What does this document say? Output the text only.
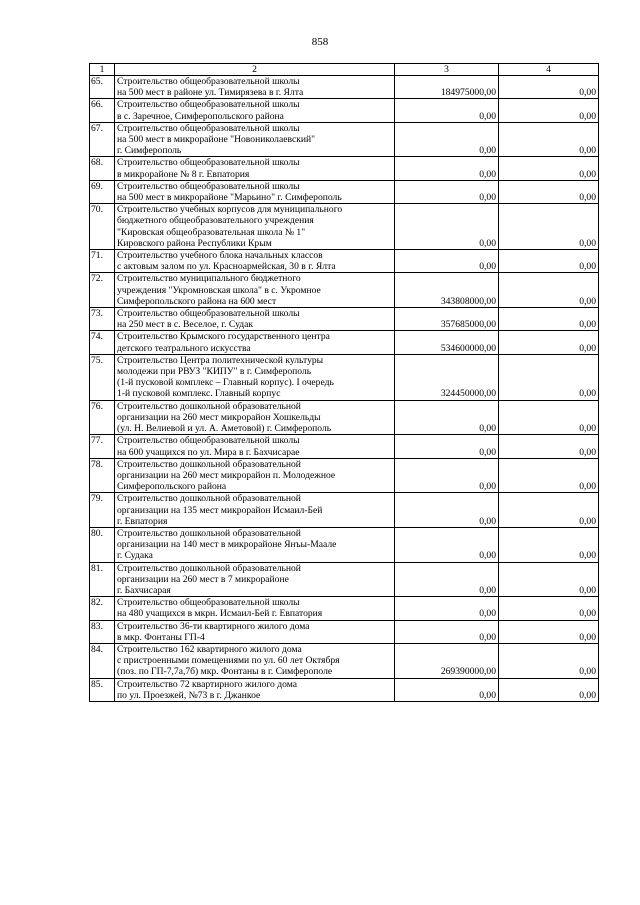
858
1	2	3	4
65.	Строительство общеобразовательной школы
на 500 мест в районе ул. Тимирязева в г. Ялта	184975000,00	0,00
66.	Строительство общеобразовательной школы
в с. Заречное, Симферопольского района	0,00	0,00
67.	Строительство общеобразовательной школы
на 500 мест в микрорайоне "Новониколаевский"
г. Симферополь	0,00	0,00
68.	Строительство общеобразовательной школы
в микрорайоне № 8 г. Евпатория	0,00	0,00
69.	Строительство общеобразовательной школы
на 500 мест в микрорайоне "Марьино" г. Симферополь	0,00	0,00
70.	Строительство учебных корпусов для муниципального
бюджетного общеобразовательного учреждения
"Кировская общеобразовательная школа № 1"
Кировского района Республики Крым	0,00	0,00
71.	Строительство учебного блока начальных классов
с актовым залом по ул. Красноармейская, 30 в г. Ялта	0,00	0,00
72.	Строительство муниципального бюджетного
учреждения "Укромновская школа" в с. Укромное
Симферопольского района на 600 мест	343808000,00	0,00
73.	Строительство общеобразовательной школы
на 250 мест в с. Веселое, г. Судак	357685000,00	0,00
74.	Строительство Крымского государственного центра
детского театрального искусства	534600000,00	0,00
75.	Строительство Центра политехнической культуры
молодежи при РВУЗ "КИПУ" в г. Симферополь
(1-й пусковой комплекс – Главный корпус). I очередь
1-й пусковой комплекс. Главный корпус	324450000,00	0,00
76.	Строительство дошкольной образовательной
организации на 260 мест микрорайон Хошкельды
(ул. Н. Велиевой и ул. А. Аметовой) г. Симферополь	0,00	0,00
77.	Строительство общеобразовательной школы
на 600 учащихся по ул. Мира в г. Бахчисарае	0,00	0,00
78.	Строительство дошкольной образовательной
организации на 260 мест микрорайон п. Молодежное
Симферопольского района	0,00	0,00
79.	Строительство дошкольной образовательной
организации на 135 мест микрорайон Исмаил-Бей
г. Евпатория	0,00	0,00
80.	Строительство дошкольной образовательной
организации на 140 мест в микрорайоне Янъы-Маале
г. Судака	0,00	0,00
81.	Строительство дошкольной образовательной
организации на 260 мест в 7 микрорайоне
г. Бахчисарая	0,00	0,00
82.	Строительство общеобразовательной школы
на 480 учащихся в мкрн. Исмаил-Бей г. Евпатория	0,00	0,00
83.	Строительство 36-ти квартирного жилого дома
в мкр. Фонтаны ГП-4	0,00	0,00
84.	Строительство 162 квартирного жилого дома
с пристроенными помещениями по ул. 60 лет Октября
(поз. по ГП-7,7а,7б) мкр. Фонтаны в г. Симферополе	269390000,00	0,00
85.	Строительство 72 квартирного жилого дома
по ул. Проезжей, №73 в г. Джанкое	0,00	0,00
